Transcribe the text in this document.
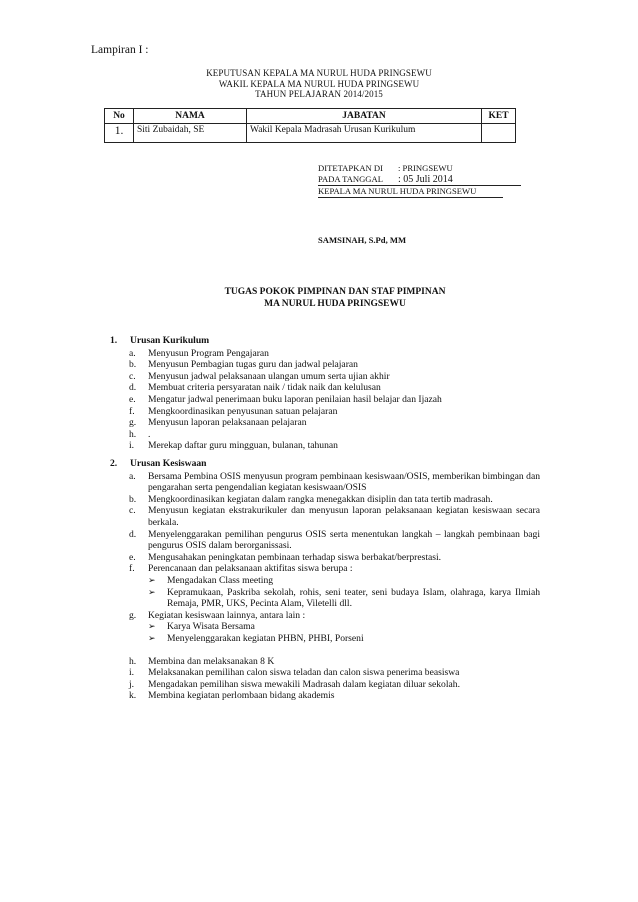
Lampiran I :
KEPUTUSAN KEPALA MA NURUL HUDA PRINGSEWU
WAKIL KEPALA MA NURUL HUDA PRINGSEWU
TAHUN PELAJARAN 2014/2015
No	NAMA	JABATAN	KET
1.	Siti Zubaidah, SE	Wakil Kepala Madrasah Urusan Kurikulum	
DITETAPKAN DI	: PRINGSEWU
PADA TANGGAL	: 05 Juli 2014
KEPALA MA NURUL HUDA PRINGSEWU
SAMSINAH, S.Pd, MM
TUGAS POKOK PIMPINAN DAN STAF PIMPINAN
MA NURUL HUDA PRINGSEWU
1.	Urusan Kurikulum
a.	Menyusun Program Pengajaran
b.	Menyusun Pembagian tugas guru dan jadwal pelajaran
c.	Menyusun jadwal pelaksanaan ulangan umum serta ujian akhir
d.	Membuat criteria persyaratan naik / tidak naik dan kelulusan
e.	Mengatur jadwal penerimaan buku laporan penilaian hasil belajar dan Ijazah
f.	Mengkoordinasikan penyusunan satuan pelajaran
g.	Menyusun laporan pelaksanaan pelajaran
h.	.
i.	Merekap daftar guru mingguan, bulanan, tahunan
2.	Urusan Kesiswaan
a.	Bersama Pembina OSIS menyusun program pembinaan kesiswaan/OSIS, memberikan bimbingan dan pengarahan serta pengendalian kegiatan kesiswaan/OSIS
b.	Mengkoordinasikan kegiatan dalam rangka menegakkan disiplin dan tata tertib madrasah.
c.	Menyusun kegiatan ekstrakurikuler dan menyusun laporan pelaksanaan kegiatan kesiswaan secara berkala.
d.	Menyelenggarakan pemilihan pengurus OSIS serta menentukan langkah – langkah pembinaan bagi pengurus OSIS dalam berorganissasi.
e.	Mengusahakan peningkatan pembinaan terhadap siswa berbakat/berprestasi.
f.	Perencanaan dan pelaksanaan aktifitas siswa berupa :
➢	Mengadakan Class meeting
➢	Kepramukaan, Paskriba sekolah, rohis, seni teater, seni budaya Islam, olahraga, karya Ilmiah Remaja, PMR, UKS, Pecinta Alam, Viletelli dll.
g.	Kegiatan kesiswaan lainnya, antara lain :
➢	Karya Wisata Bersama
➢	Menyelenggarakan kegiatan PHBN, PHBI, Porseni
h.	Membina dan melaksanakan 8 K
i.	Melaksanakan pemilihan calon siswa teladan dan calon siswa penerima beasiswa
j.	Mengadakan pemilihan siswa mewakili Madrasah dalam kegiatan diluar sekolah.
k.	Membina kegiatan perlombaan bidang akademis
